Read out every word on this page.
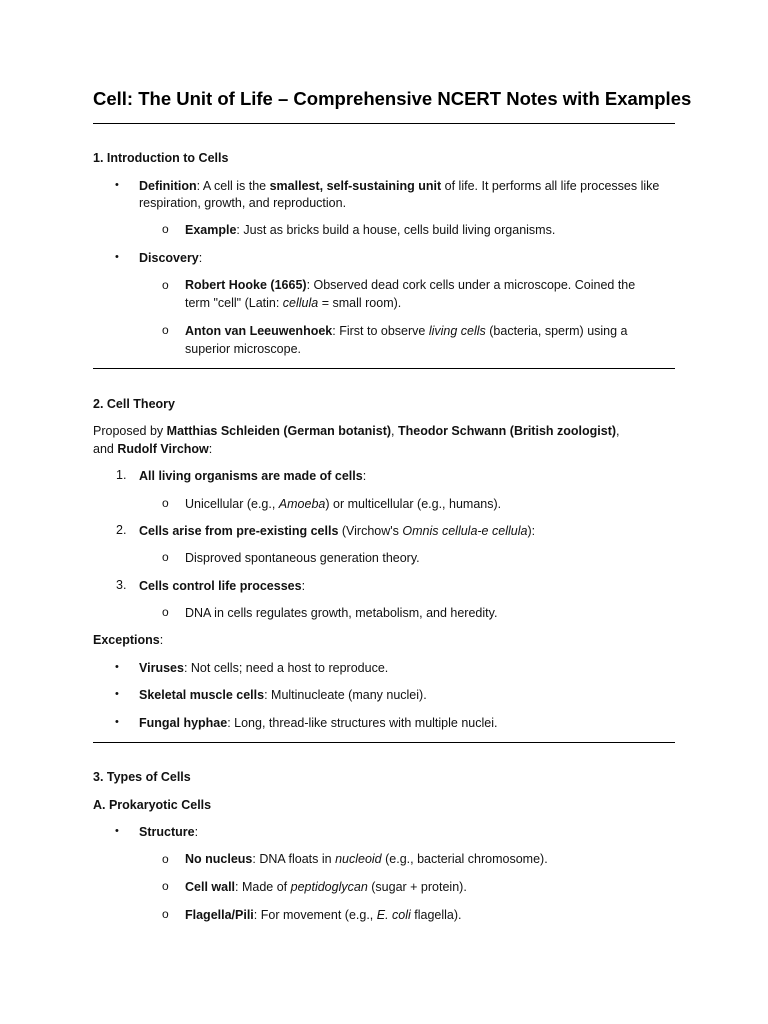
Cell: The Unit of Life – Comprehensive NCERT Notes with Examples
1. Introduction to Cells
• Definition: A cell is the smallest, self-sustaining unit of life. It performs all life processes like
respiration, growth, and reproduction.
o Example: Just as bricks build a house, cells build living organisms.
• Discovery:
o Robert Hooke (1665): Observed dead cork cells under a microscope. Coined the
term "cell" (Latin: cellula = small room).
o Anton van Leeuwenhoek: First to observe living cells (bacteria, sperm) using a
superior microscope.
2. Cell Theory
Proposed by Matthias Schleiden (German botanist), Theodor Schwann (British zoologist),
and Rudolf Virchow:
1. All living organisms are made of cells:
o Unicellular (e.g., Amoeba) or multicellular (e.g., humans).
2. Cells arise from pre-existing cells (Virchow's Omnis cellula-e cellula):
o Disproved spontaneous generation theory.
3. Cells control life processes:
o DNA in cells regulates growth, metabolism, and heredity.
Exceptions:
• Viruses: Not cells; need a host to reproduce.
• Skeletal muscle cells: Multinucleate (many nuclei).
• Fungal hyphae: Long, thread-like structures with multiple nuclei.
3. Types of Cells
A. Prokaryotic Cells
• Structure:
o No nucleus: DNA floats in nucleoid (e.g., bacterial chromosome).
o Cell wall: Made of peptidoglycan (sugar + protein).
o Flagella/Pili: For movement (e.g., E. coli flagella).
